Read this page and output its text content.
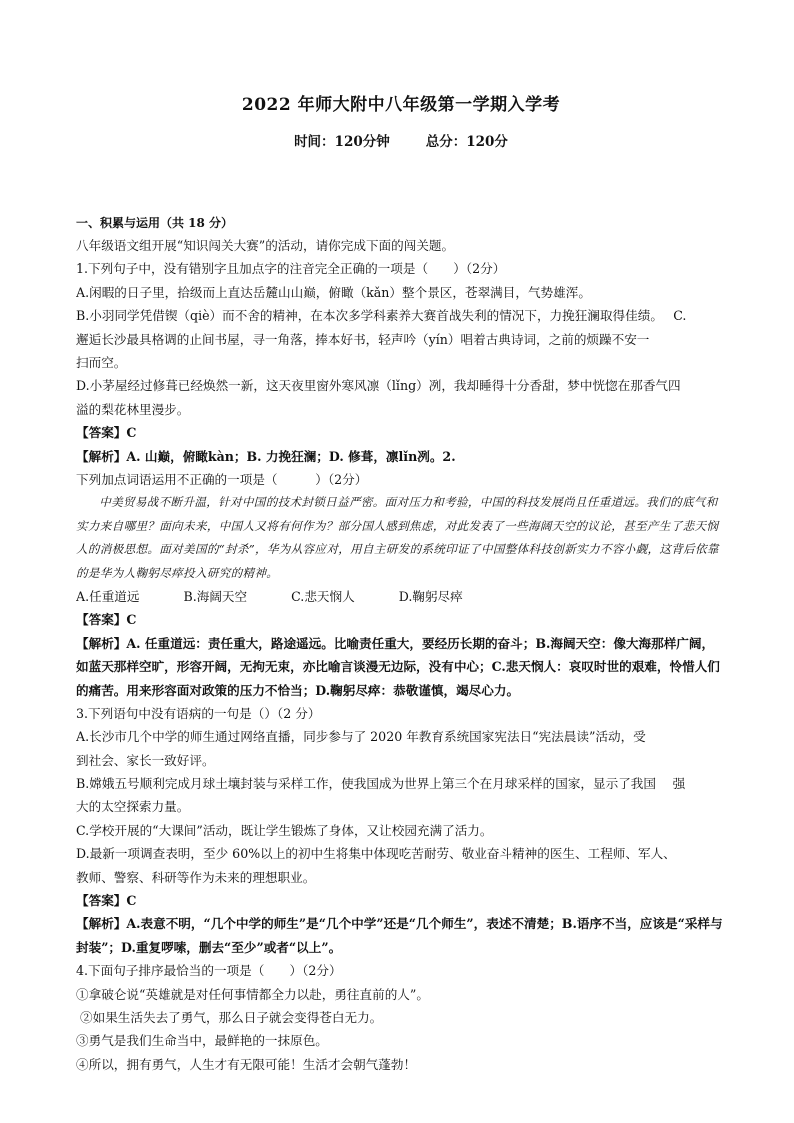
2022 年师大附中八年级第一学期入学考
时间：120分钟	总分：120分
一、积累与运用（共 18 分）
八年级语文组开展“知识闯关大赛”的活动，请你完成下面的闯关题。
1.下列句子中，没有错别字且加点字的注音完全正确的一项是（　　）（2分）
A.闲暇的日子里，拾级而上直达岳麓山山巅，俯瞰（kǎn）整个景区，苍翠满目，气势雄浑。
B.小羽同学凭借锲（qiè）而不舍的精神，在本次多学科素养大赛首战失利的情况下，力挽狂澜取得佳绩。　 C.
邂逅长沙最具格调的止间书屋，寻一角落，捧本好书，轻声吟（yín）唱着古典诗词，之前的烦躁不安一
扫而空。
D.小茅屋经过修葺已经焕然一新，这天夜里窗外寒风凛（lǐng）冽，我却睡得十分香甜，梦中恍惚在那香气四
溢的梨花林里漫步。
【答案】C
【解析】A. 山巅，俯瞰kàn；B. 力挽狂澜；D. 修葺，凛lǐn冽。2.
下列加点词语运用不正确的一项是（　　　）（2分）
中美贸易战不断升温，针对中国的技术封锁日益严密。面对压力和考验，中国的科技发展尚且任重道远。我们的底气和实力来自哪里？面向未来，中国人又将有何作为？部分国人感到焦虑，对此发表了一些海阔天空的议论，甚至产生了悲天悯人的消极思想。面对美国的“封杀”，华为从容应对，用自主研发的系统印证了中国整体科技创新实力不容小觑，这背后依靠的是华为人鞠躬尽瘁投入研究的精神。
A.任重道远	B.海阔天空	C.悲天悯人	D.鞠躬尽瘁
【答案】C
【解析】A. 任重道远：责任重大，路途遥远。比喻责任重大，要经历长期的奋斗；B.海阔天空：像大海那样广阔，如蓝天那样空旷，形容开阔，无拘无束，亦比喻言谈漫无边际，没有中心；C.悲天悯人：哀叹时世的艰难，怜惜人们的痛苦。用来形容面对政策的压力不恰当；D.鞠躬尽瘁：恭敬谨慎，竭尽心力。
3.下列语句中没有语病的一句是（）（2 分）
A.长沙市几个中学的师生通过网络直播，同步参与了 2020 年教育系统国家宪法日“宪法晨读”活动，受
到社会、家长一致好评。
B.嫦娥五号顺利完成月球土壤封装与采样工作，使我国成为世界上第三个在月球采样的国家，显示了我国　 强
大的太空探索力量。
C.学校开展的“大课间”活动，既让学生锻炼了身体，又让校园充满了活力。
D.最新一项调查表明，至少 60%以上的初中生将集中体现吃苦耐劳、敬业奋斗精神的医生、工程师、军人、
教师、警察、科研等作为未来的理想职业。
【答案】C
【解析】A.表意不明，“几个中学的师生”是“几个中学”还是“几个师生”，表述不清楚；B.语序不当，应该是“采样与封装”；D.重复啰嗦，删去“至少”或者“以上”。
4.下面句子排序最恰当的一项是（　　）（2分）
①拿破仑说“英雄就是对任何事情都全力以赴，勇往直前的人”。
②如果生活失去了勇气，那么日子就会变得苍白无力。
③勇气是我们生命当中，最鲜艳的一抹原色。
④所以，拥有勇气，人生才有无限可能！生活才会朝气蓬勃！
